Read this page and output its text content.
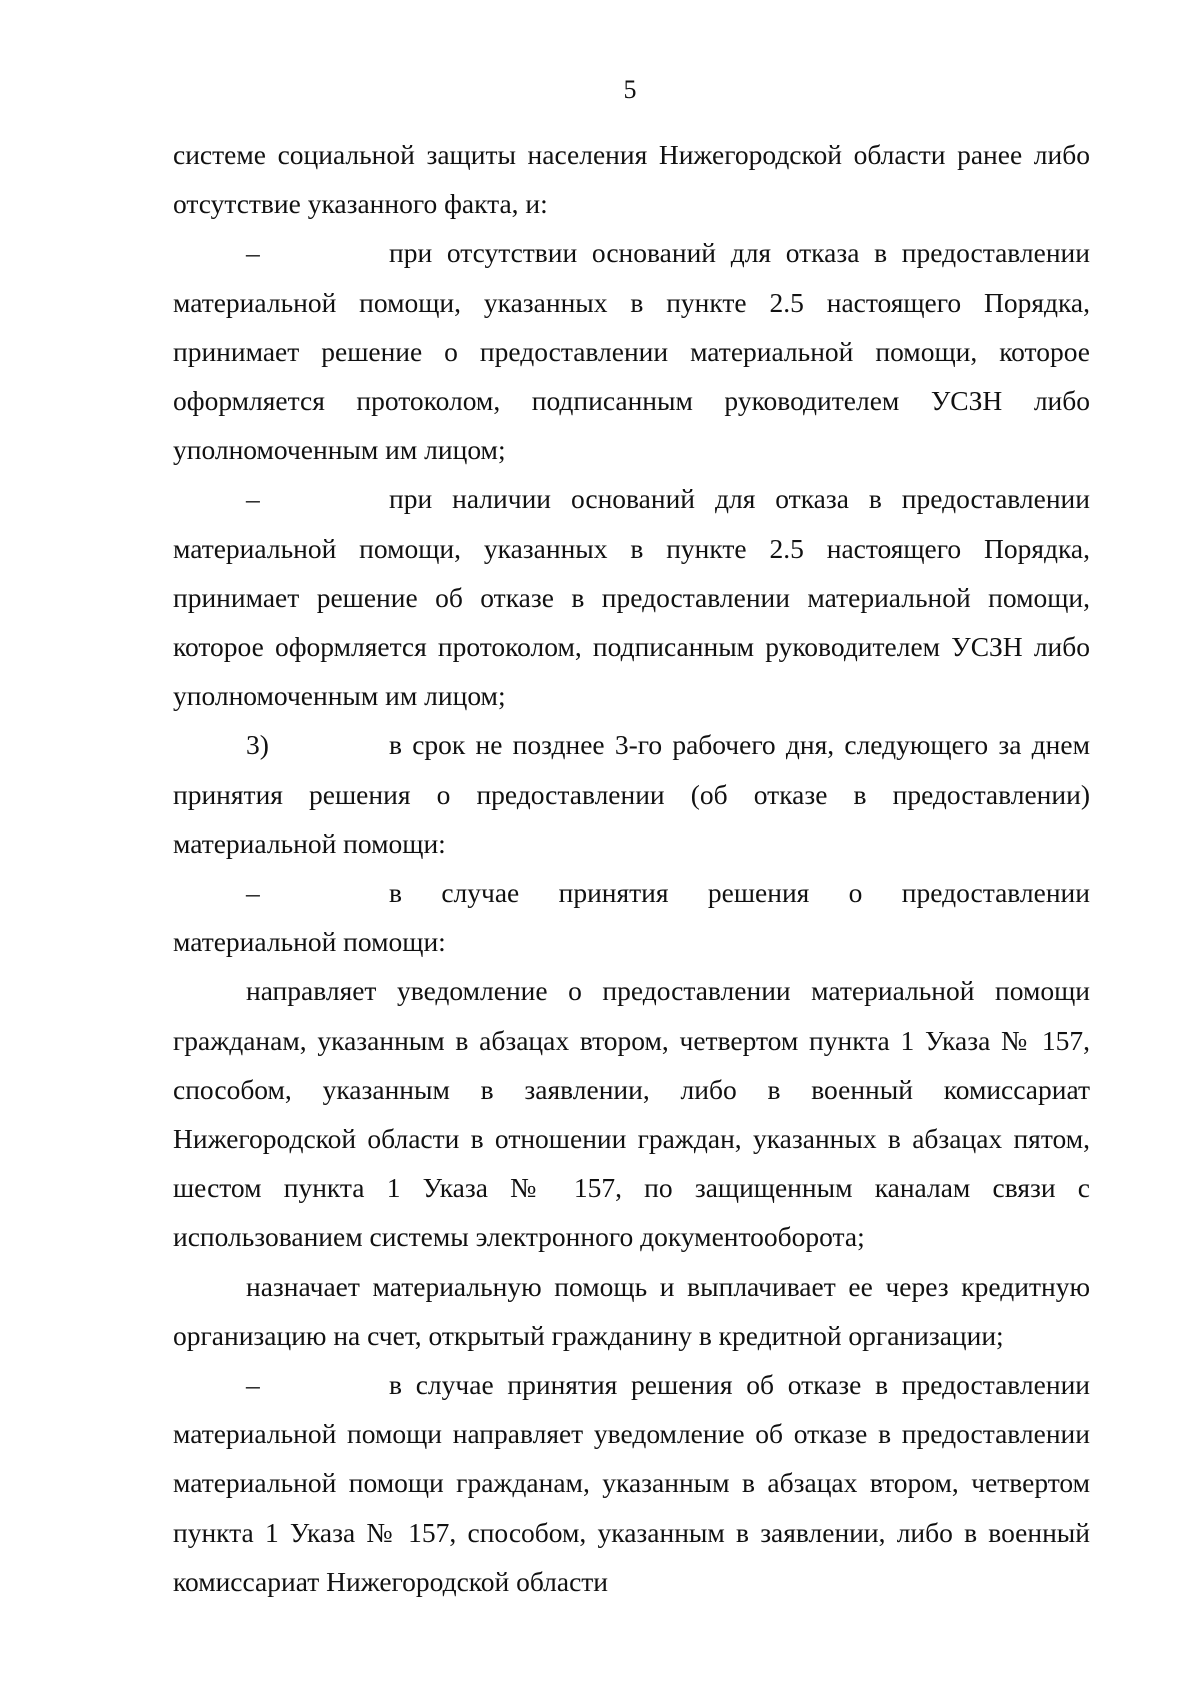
5

системе социальной защиты населения Нижегородской области ранее либо отсутствие указанного факта, и:

–	при отсутствии оснований для отказа в предоставлении материальной помощи, указанных в пункте 2.5 настоящего Порядка, принимает решение о предоставлении материальной помощи, которое оформляется протоколом, подписанным руководителем УСЗН либо уполномоченным им лицом;

–	при наличии оснований для отказа в предоставлении материальной помощи, указанных в пункте 2.5 настоящего Порядка, принимает решение об отказе в предоставлении материальной помощи, которое оформляется протоколом, подписанным руководителем УСЗН либо уполномоченным им лицом;

3)	в срок не позднее 3-го рабочего дня, следующего за днем принятия решения о предоставлении (об отказе в предоставлении) материальной помощи:

–	в случае принятия решения о предоставлении материальной помощи:

направляет уведомление о предоставлении материальной помощи гражданам, указанным в абзацах втором, четвертом пункта 1 Указа № 157, способом, указанным в заявлении, либо в военный комиссариат Нижегородской области в отношении граждан, указанных в абзацах пятом, шестом пункта 1 Указа № 157, по защищенным каналам связи с использованием системы электронного документооборота;

назначает материальную помощь и выплачивает ее через кредитную организацию на счет, открытый гражданину в кредитной организации;

–	в случае принятия решения об отказе в предоставлении материальной помощи направляет уведомление об отказе в предоставлении материальной помощи гражданам, указанным в абзацах втором, четвертом пункта 1 Указа № 157, способом, указанным в заявлении, либо в военный комиссариат Нижегородской области
